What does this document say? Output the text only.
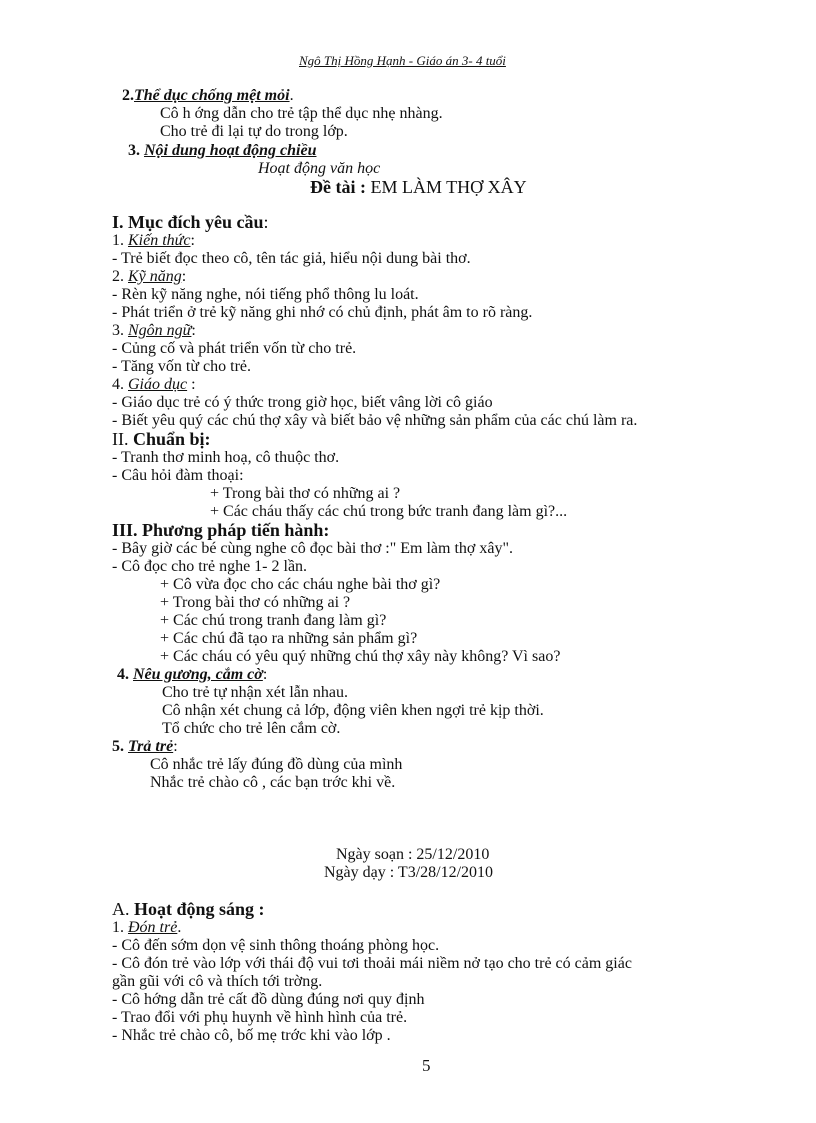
Ngô Thị Hồng Hạnh - Giáo án 3- 4 tuổi
2.Thể dục chống mệt mỏi.
Cô h ớng dẫn cho trẻ tập thể dục nhẹ nhàng.
Cho trẻ đi lại tự do trong lớp.
3. Nội dung hoạt động chiều
Hoạt động văn học
Đề tài : EM LÀM THỢ XÂY
I. Mục đích yêu cầu:
1. Kiến thức:
- Trẻ biết đọc theo cô, tên tác giả, hiểu nội dung bài thơ.
2. Kỹ năng:
- Rèn kỹ năng nghe, nói tiếng phổ thông lu loát.
- Phát triển ở trẻ kỹ năng ghi nhớ có chủ định, phát âm to rõ ràng.
3. Ngôn ngữ:
- Củng cố và phát triển vốn từ cho trẻ.
- Tăng vốn từ cho trẻ.
4. Giáo dục :
- Giáo dục trẻ có ý thức trong giờ học, biết vâng lời cô giáo
- Biết yêu quý các chú thợ xây và biết bảo vệ những sản phẩm của các chú làm ra.
II. Chuẩn bị:
- Tranh thơ minh hoạ, cô thuộc thơ.
- Câu hỏi đàm thoại:
+ Trong bài thơ có những ai ?
+ Các cháu thấy các chú trong bức tranh đang làm gì?...
III. Phương pháp tiến hành:
- Bây giờ các bé cùng nghe cô đọc bài thơ :" Em làm thợ xây".
- Cô đọc cho trẻ nghe 1- 2 lần.
+ Cô vừa đọc cho các cháu nghe bài thơ gì?
+ Trong bài thơ có những ai ?
+ Các chú trong tranh đang làm gì?
+ Các chú đã tạo ra những sản phẩm gì?
+ Các cháu có yêu quý những chú thợ xây này không? Vì sao?
4. Nêu gương, cắm cờ:
Cho trẻ tự nhận xét lẫn nhau.
Cô nhận xét chung cả lớp, động viên khen ngợi trẻ kịp thời.
Tổ chức cho trẻ lên cắm cờ.
5. Trả trẻ:
Cô nhắc trẻ lấy đúng đồ dùng của mình
Nhắc trẻ chào cô , các bạn trớc khi về.
Ngày soạn : 25/12/2010
Ngày dạy : T3/28/12/2010
A. Hoạt động sáng :
1. Đón trẻ.
- Cô đến sớm dọn vệ sinh thông thoáng phòng học.
- Cô đón trẻ vào lớp với thái độ vui tơi thoải mái niềm nở tạo cho trẻ có cảm giác
gần gũi với cô và thích tới trờng.
- Cô hớng dẫn trẻ cất đồ dùng đúng nơi quy định
- Trao đổi với phụ huynh về hình hình của trẻ.
- Nhắc trẻ chào cô, bố mẹ trớc khi vào lớp .
5
